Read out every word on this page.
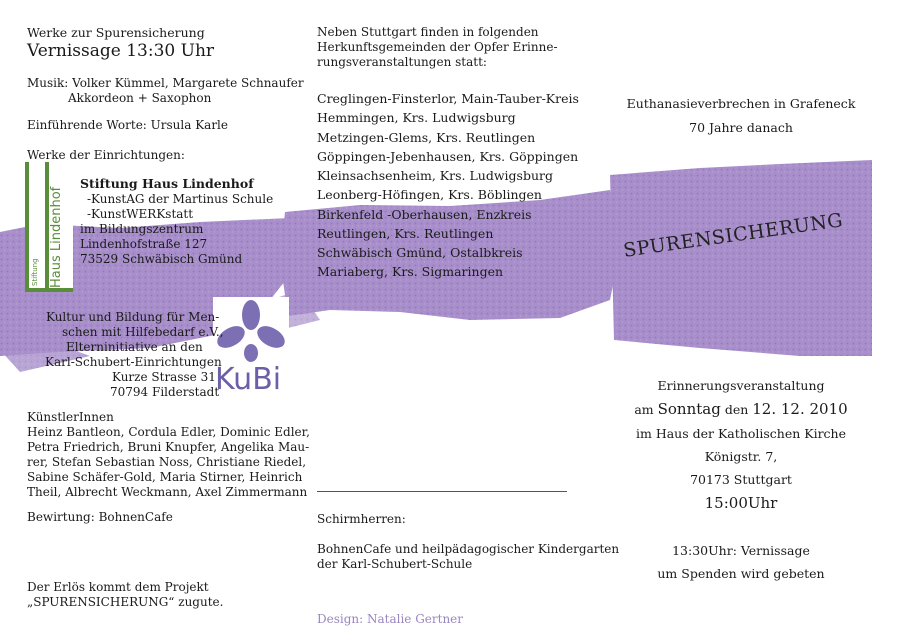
Werke zur Spurensicherung
Vernissage 13:30 Uhr
Musik: Volker Kümmel, Margarete Schnaufer
Akkordeon + Saxophon
Einführende Worte: Ursula Karle
Werke der Einrichtungen:
Haus Lindenhof
Stiftung
Stiftung Haus Lindenhof
-KunstAG der Martinus Schule
-KunstWERKstatt
im Bildungszentrum
Lindenhofstraße 127
73529 Schwäbisch Gmünd
KuBi
Kultur und Bildung für Men-
schen mit Hilfebedarf e.V.,
Elterninitiative an den
Karl-Schubert-Einrichtungen
Kurze Strasse 31
70794 Filderstadt
KünstlerInnen
Heinz Bantleon, Cordula Edler, Dominic Edler,
Petra Friedrich, Bruni Knupfer, Angelika Mau-
rer, Stefan Sebastian Noss, Christiane Riedel,
Sabine Schäfer-Gold, Maria Stirner, Heinrich
Theil, Albrecht Weckmann, Axel Zimmermann
Bewirtung: BohnenCafe
Der Erlös kommt dem Projekt
„SPURENSICHERUNG“ zugute.
Neben Stuttgart finden in folgenden
Herkunftsgemeinden der Opfer Erinne-
rungsveranstaltungen statt:
Creglingen-Finsterlor, Main-Tauber-Kreis
Hemmingen, Krs. Ludwigsburg
Metzingen-Glems, Krs. Reutlingen
Göppingen-Jebenhausen, Krs. Göppingen
Kleinsachsenheim, Krs. Ludwigsburg
Leonberg-Höfingen, Krs. Böblingen
Birkenfeld -Oberhausen, Enzkreis
Reutlingen, Krs. Reutlingen
Schwäbisch Gmünd, Ostalbkreis
Mariaberg, Krs. Sigmaringen
Schirmherren:
BohnenCafe und heilpädagogischer Kindergarten
der Karl-Schubert-Schule
Design: Natalie Gertner
Euthanasieverbrechen in Grafeneck
70 Jahre danach
SPURENSICHERUNG
Erinnerungsveranstaltung
am Sonntag den 12. 12. 2010
im Haus der Katholischen Kirche
Königstr. 7,
70173 Stuttgart
15:00Uhr
13:30Uhr: Vernissage
um Spenden wird gebeten
